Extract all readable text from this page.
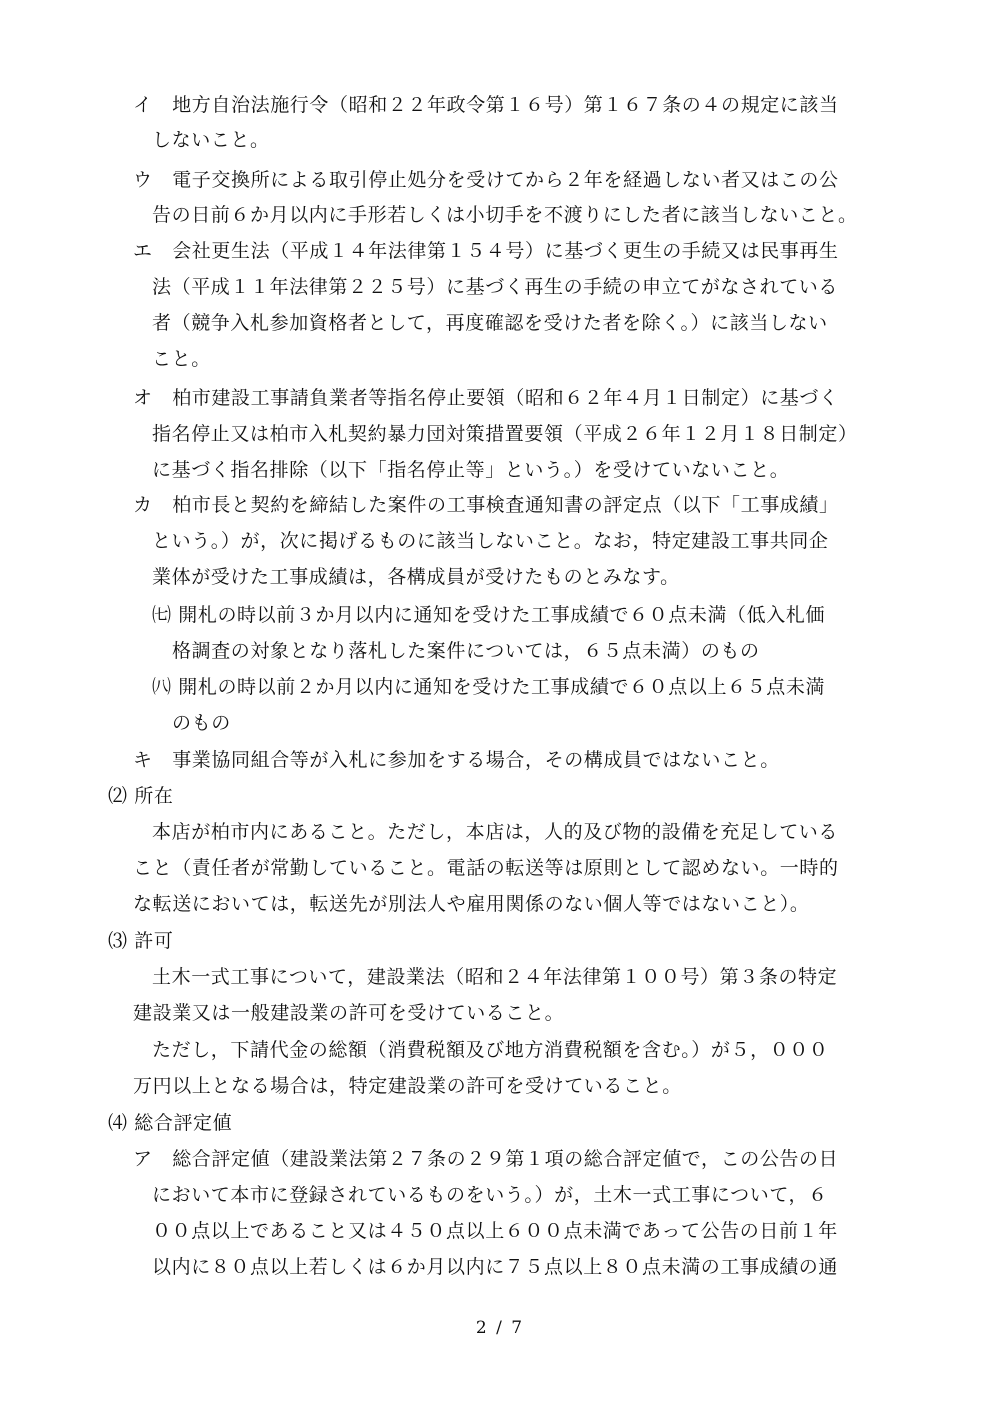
イ　地方自治法施行令（昭和２２年政令第１６号）第１６７条の４の規定に該当
しないこと。
ウ　電子交換所による取引停止処分を受けてから２年を経過しない者又はこの公
告の日前６か月以内に手形若しくは小切手を不渡りにした者に該当しないこと。
エ　会社更生法（平成１４年法律第１５４号）に基づく更生の手続又は民事再生
法（平成１１年法律第２２５号）に基づく再生の手続の申立てがなされている
者（競争入札参加資格者として，再度確認を受けた者を除く。）に該当しない
こと。
オ　柏市建設工事請負業者等指名停止要領（昭和６２年４月１日制定）に基づく
指名停止又は柏市入札契約暴力団対策措置要領（平成２６年１２月１８日制定）
に基づく指名排除（以下「指名停止等」という。）を受けていないこと。
カ　柏市長と契約を締結した案件の工事検査通知書の評定点（以下「工事成績」
という。）が，次に掲げるものに該当しないこと。なお，特定建設工事共同企
業体が受けた工事成績は，各構成員が受けたものとみなす。
㈦ 開札の時以前３か月以内に通知を受けた工事成績で６０点未満（低入札価
格調査の対象となり落札した案件については，６５点未満）のもの
㈧ 開札の時以前２か月以内に通知を受けた工事成績で６０点以上６５点未満
のもの
キ　事業協同組合等が入札に参加をする場合，その構成員ではないこと。
⑵ 所在
本店が柏市内にあること。ただし，本店は，人的及び物的設備を充足している
こと（責任者が常勤していること。電話の転送等は原則として認めない。一時的
な転送においては，転送先が別法人や雇用関係のない個人等ではないこと）。
⑶ 許可
土木一式工事について，建設業法（昭和２４年法律第１００号）第３条の特定
建設業又は一般建設業の許可を受けていること。
ただし，下請代金の総額（消費税額及び地方消費税額を含む。）が５，０００
万円以上となる場合は，特定建設業の許可を受けていること。
⑷ 総合評定値
ア　総合評定値（建設業法第２７条の２９第１項の総合評定値で，この公告の日
において本市に登録されているものをいう。）が，土木一式工事について，６
００点以上であること又は４５０点以上６００点未満であって公告の日前１年
以内に８０点以上若しくは６か月以内に７５点以上８０点未満の工事成績の通
2 / 7
